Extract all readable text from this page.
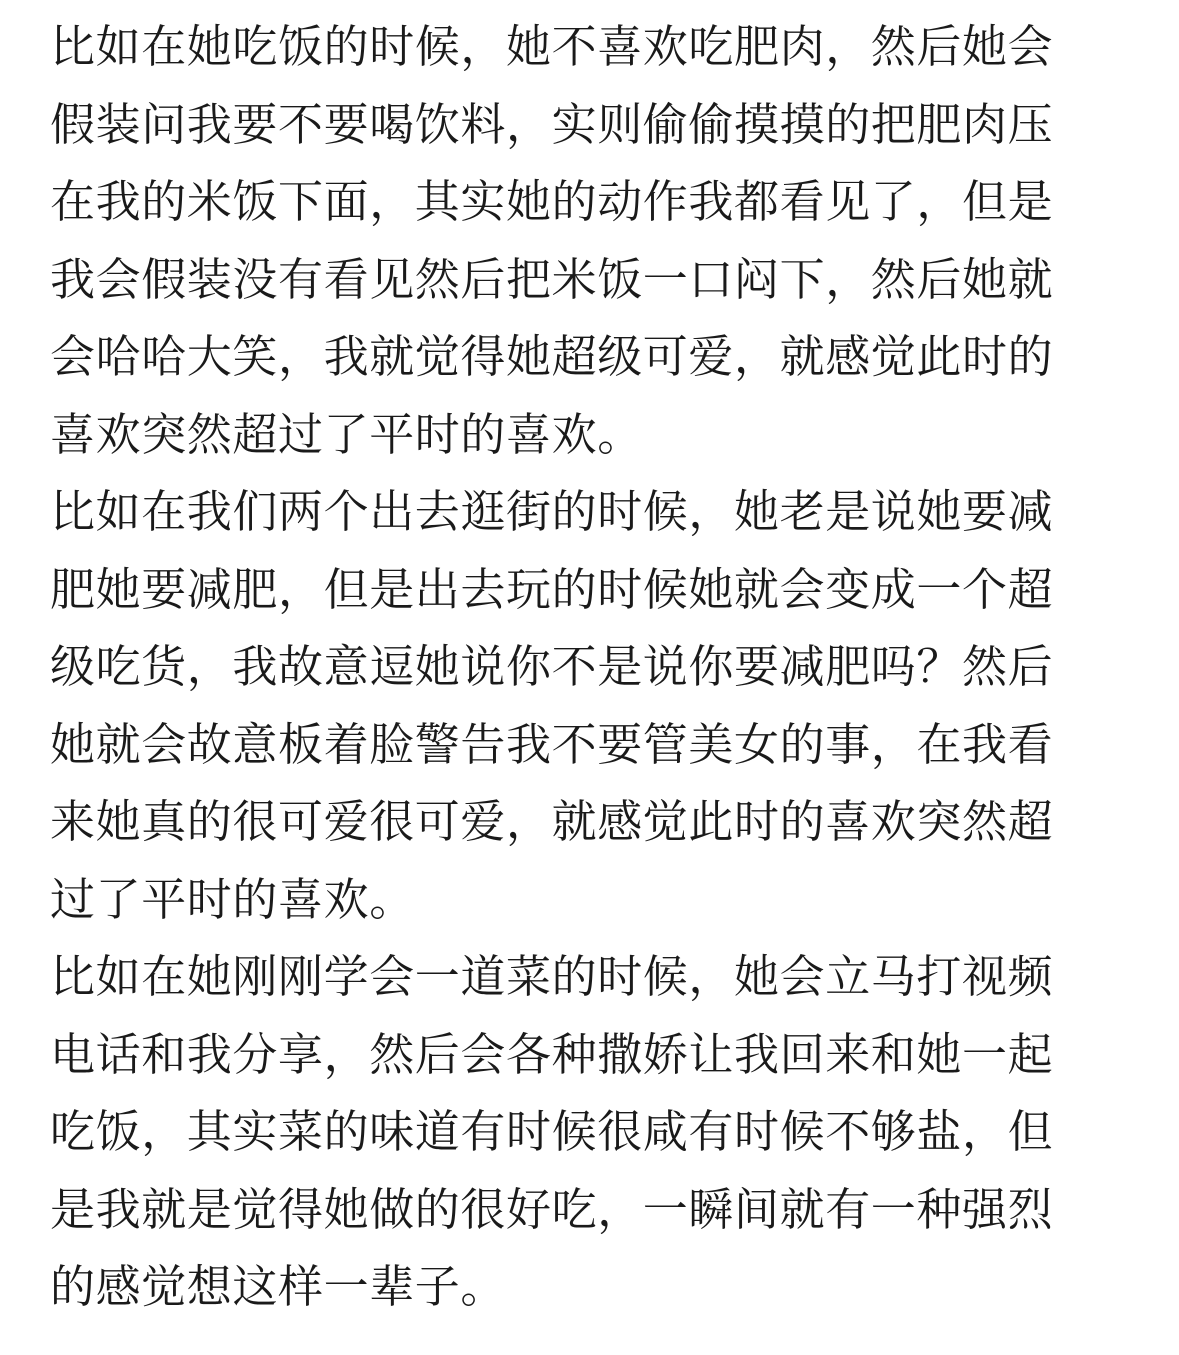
比如在她吃饭的时候，她不喜欢吃肥肉，然后她会
假装问我要不要喝饮料，实则偷偷摸摸的把肥肉压
在我的米饭下面，其实她的动作我都看见了，但是
我会假装没有看见然后把米饭一口闷下，然后她就
会哈哈大笑，我就觉得她超级可爱，就感觉此时的
喜欢突然超过了平时的喜欢。
比如在我们两个出去逛街的时候，她老是说她要减
肥她要减肥，但是出去玩的时候她就会变成一个超
级吃货，我故意逗她说你不是说你要减肥吗？然后
她就会故意板着脸警告我不要管美女的事，在我看
来她真的很可爱很可爱，就感觉此时的喜欢突然超
过了平时的喜欢。
比如在她刚刚学会一道菜的时候，她会立马打视频
电话和我分享，然后会各种撒娇让我回来和她一起
吃饭，其实菜的味道有时候很咸有时候不够盐，但
是我就是觉得她做的很好吃，一瞬间就有一种强烈
的感觉想这样一辈子。
